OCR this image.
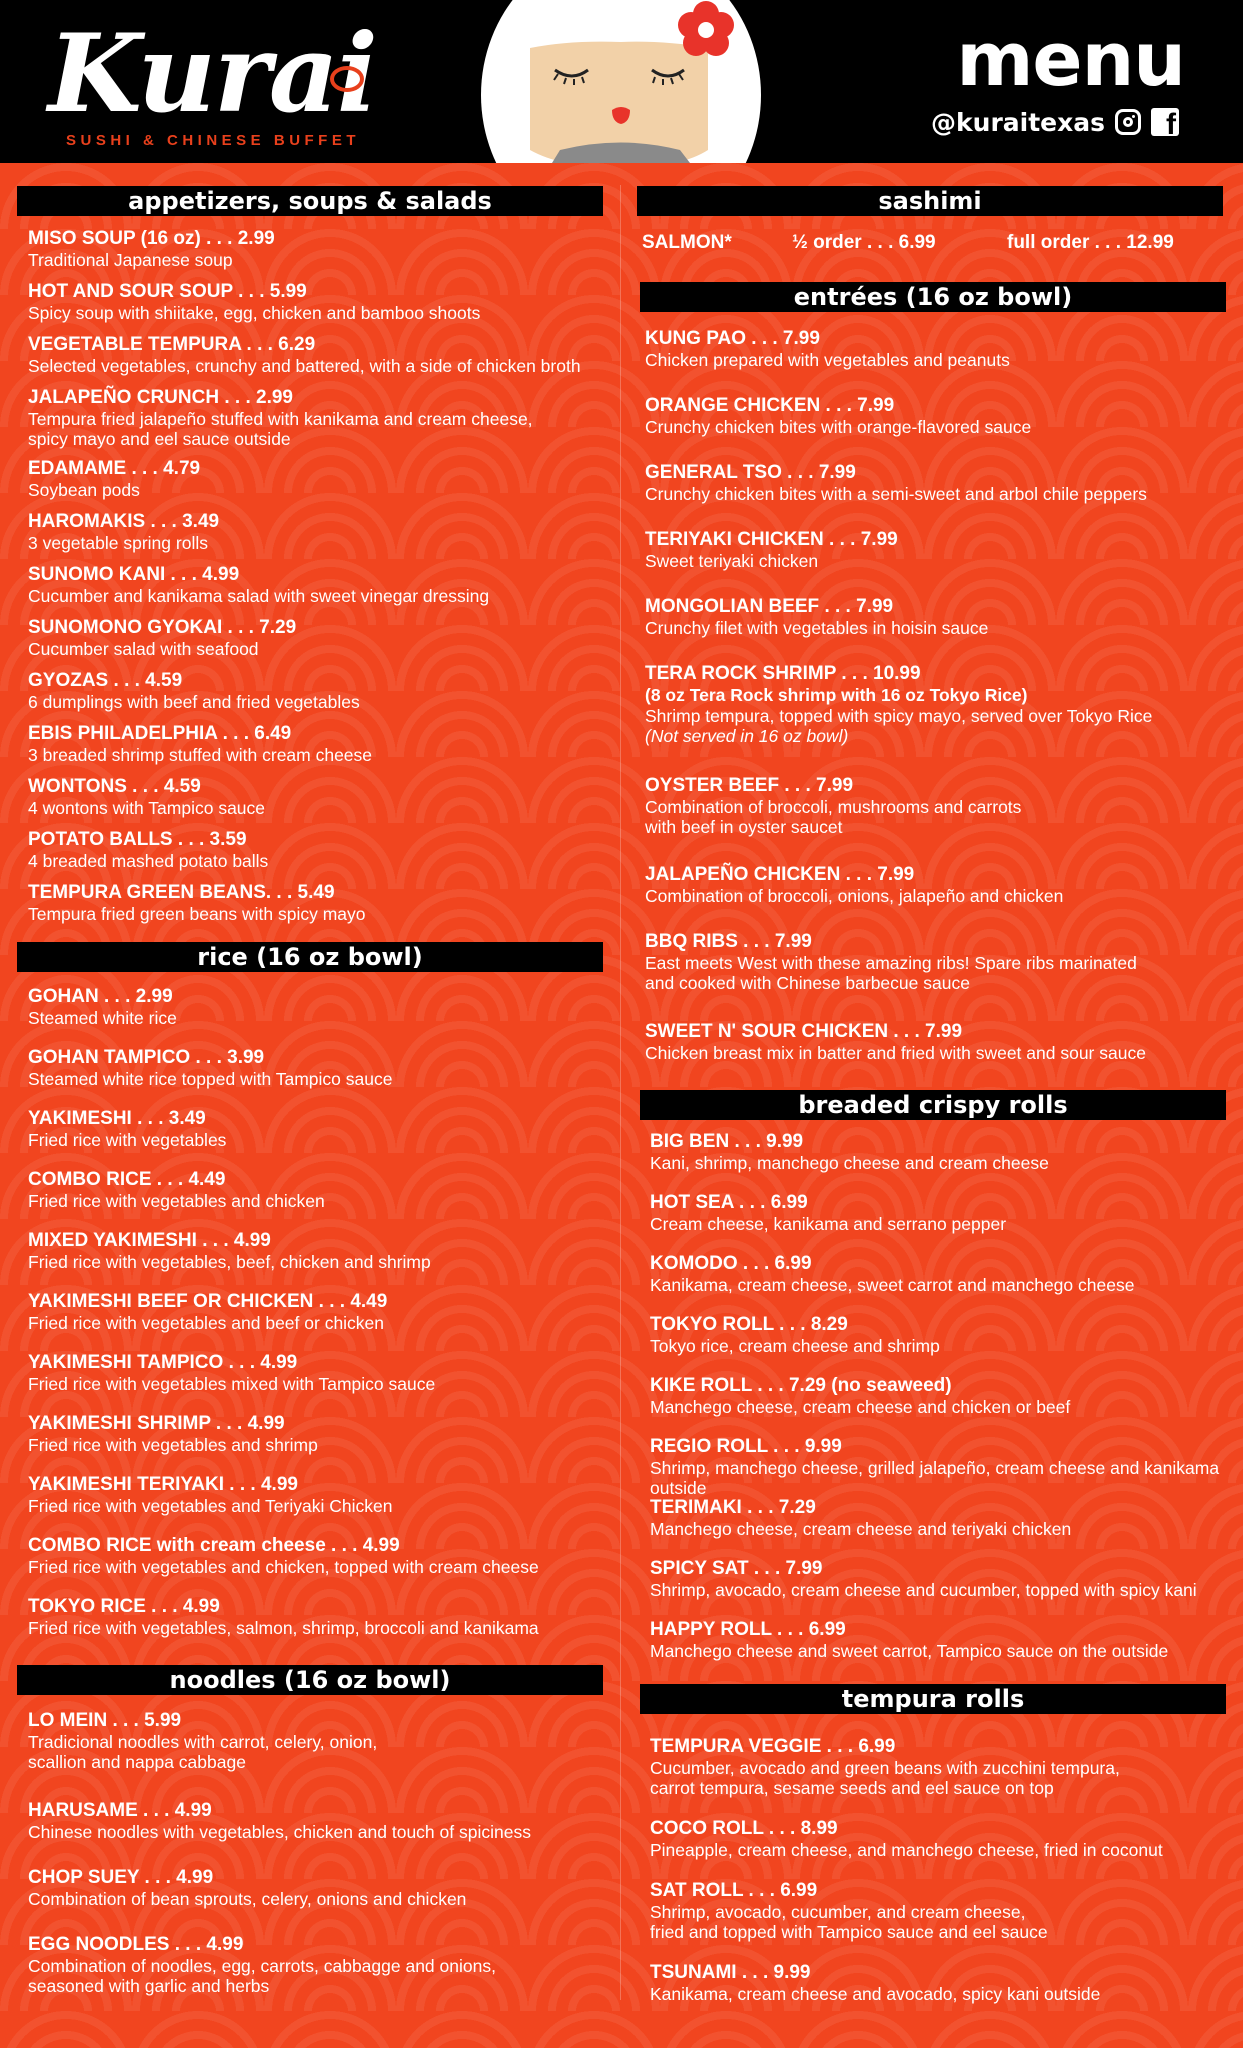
Kurai
SUSHI & CHINESE BUFFET
menu
@kuraitexas f
appetizers, soups & salads
MISO SOUP (16 oz) . . . 2.99
Traditional Japanese soup
HOT AND SOUR SOUP . . . 5.99
Spicy soup with shiitake, egg, chicken and bamboo shoots
VEGETABLE TEMPURA . . . 6.29
Selected vegetables, crunchy and battered, with a side of chicken broth
JALAPEÑO CRUNCH . . . 2.99
Tempura fried jalapeño stuffed with kanikama and cream cheese,
spicy mayo and eel sauce outside
EDAMAME . . . 4.79
Soybean pods
HAROMAKIS . . . 3.49
3 vegetable spring rolls
SUNOMO KANI . . . 4.99
Cucumber and kanikama salad with sweet vinegar dressing
SUNOMONO GYOKAI . . . 7.29
Cucumber salad with seafood
GYOZAS . . . 4.59
6 dumplings with beef and fried vegetables
EBIS PHILADELPHIA . . . 6.49
3 breaded shrimp stuffed with cream cheese
WONTONS . . . 4.59
4 wontons with Tampico sauce
POTATO BALLS . . . 3.59
4 breaded mashed potato balls
TEMPURA GREEN BEANS. . . 5.49
Tempura fried green beans with spicy mayo
rice (16 oz bowl)
GOHAN . . . 2.99
Steamed white rice
GOHAN TAMPICO . . . 3.99
Steamed white rice topped with Tampico sauce
YAKIMESHI . . . 3.49
Fried rice with vegetables
COMBO RICE . . . 4.49
Fried rice with vegetables and chicken
MIXED YAKIMESHI . . . 4.99
Fried rice with vegetables, beef, chicken and shrimp
YAKIMESHI BEEF OR CHICKEN . . . 4.49
Fried rice with vegetables and beef or chicken
YAKIMESHI TAMPICO . . . 4.99
Fried rice with vegetables mixed with Tampico sauce
YAKIMESHI SHRIMP . . . 4.99
Fried rice with vegetables and shrimp
YAKIMESHI TERIYAKI . . . 4.99
Fried rice with vegetables and Teriyaki Chicken
COMBO RICE with cream cheese . . . 4.99
Fried rice with vegetables and chicken, topped with cream cheese
TOKYO RICE . . . 4.99
Fried rice with vegetables, salmon, shrimp, broccoli and kanikama
noodles (16 oz bowl)
LO MEIN . . . 5.99
Tradicional noodles with carrot, celery, onion,
scallion and nappa cabbage
HARUSAME . . . 4.99
Chinese noodles with vegetables, chicken and touch of spiciness
CHOP SUEY . . . 4.99
Combination of bean sprouts, celery, onions and chicken
EGG NOODLES . . . 4.99
Combination of noodles, egg, carrots, cabbagge and onions,
seasoned with garlic and herbs
sashimi
SALMON*	½ order . . . 6.99	full order . . . 12.99
entrées (16 oz bowl)
KUNG PAO . . . 7.99
Chicken prepared with vegetables and peanuts
ORANGE CHICKEN . . . 7.99
Crunchy chicken bites with orange-flavored sauce
GENERAL TSO . . . 7.99
Crunchy chicken bites with a semi-sweet and arbol chile peppers
TERIYAKI CHICKEN . . . 7.99
Sweet teriyaki chicken
MONGOLIAN BEEF . . . 7.99
Crunchy filet with vegetables in hoisin sauce
TERA ROCK SHRIMP . . . 10.99
(8 oz Tera Rock shrimp with 16 oz Tokyo Rice)
Shrimp tempura, topped with spicy mayo, served over Tokyo Rice
(Not served in 16 oz bowl)
OYSTER BEEF . . . 7.99
Combination of broccoli, mushrooms and carrots
with beef in oyster saucet
JALAPEÑO CHICKEN . . . 7.99
Combination of broccoli, onions, jalapeño and chicken
BBQ RIBS . . . 7.99
East meets West with these amazing ribs! Spare ribs marinated
and cooked with Chinese barbecue sauce
SWEET N' SOUR CHICKEN . . . 7.99
Chicken breast mix in batter and fried with sweet and sour sauce
breaded crispy rolls
BIG BEN . . . 9.99
Kani, shrimp, manchego cheese and cream cheese
HOT SEA . . . 6.99
Cream cheese, kanikama and serrano pepper
KOMODO . . . 6.99
Kanikama, cream cheese, sweet carrot and manchego cheese
TOKYO ROLL . . . 8.29
Tokyo rice, cream cheese and shrimp
KIKE ROLL . . . 7.29 (no seaweed)
Manchego cheese, cream cheese and chicken or beef
REGIO ROLL . . . 9.99
Shrimp, manchego cheese, grilled jalapeño, cream cheese and kanikama outside
TERIMAKI . . . 7.29
Manchego cheese, cream cheese and teriyaki chicken
SPICY SAT . . . 7.99
Shrimp, avocado, cream cheese and cucumber, topped with spicy kani
HAPPY ROLL . . . 6.99
Manchego cheese and sweet carrot, Tampico sauce on the outside
tempura rolls
TEMPURA VEGGIE . . . 6.99
Cucumber, avocado and green beans with zucchini tempura,
carrot tempura, sesame seeds and eel sauce on top
COCO ROLL . . . 8.99
Pineapple, cream cheese, and manchego cheese, fried in coconut
SAT ROLL . . . 6.99
Shrimp, avocado, cucumber, and cream cheese,
fried and topped with Tampico sauce and eel sauce
TSUNAMI . . . 9.99
Kanikama, cream cheese and avocado, spicy kani outside
